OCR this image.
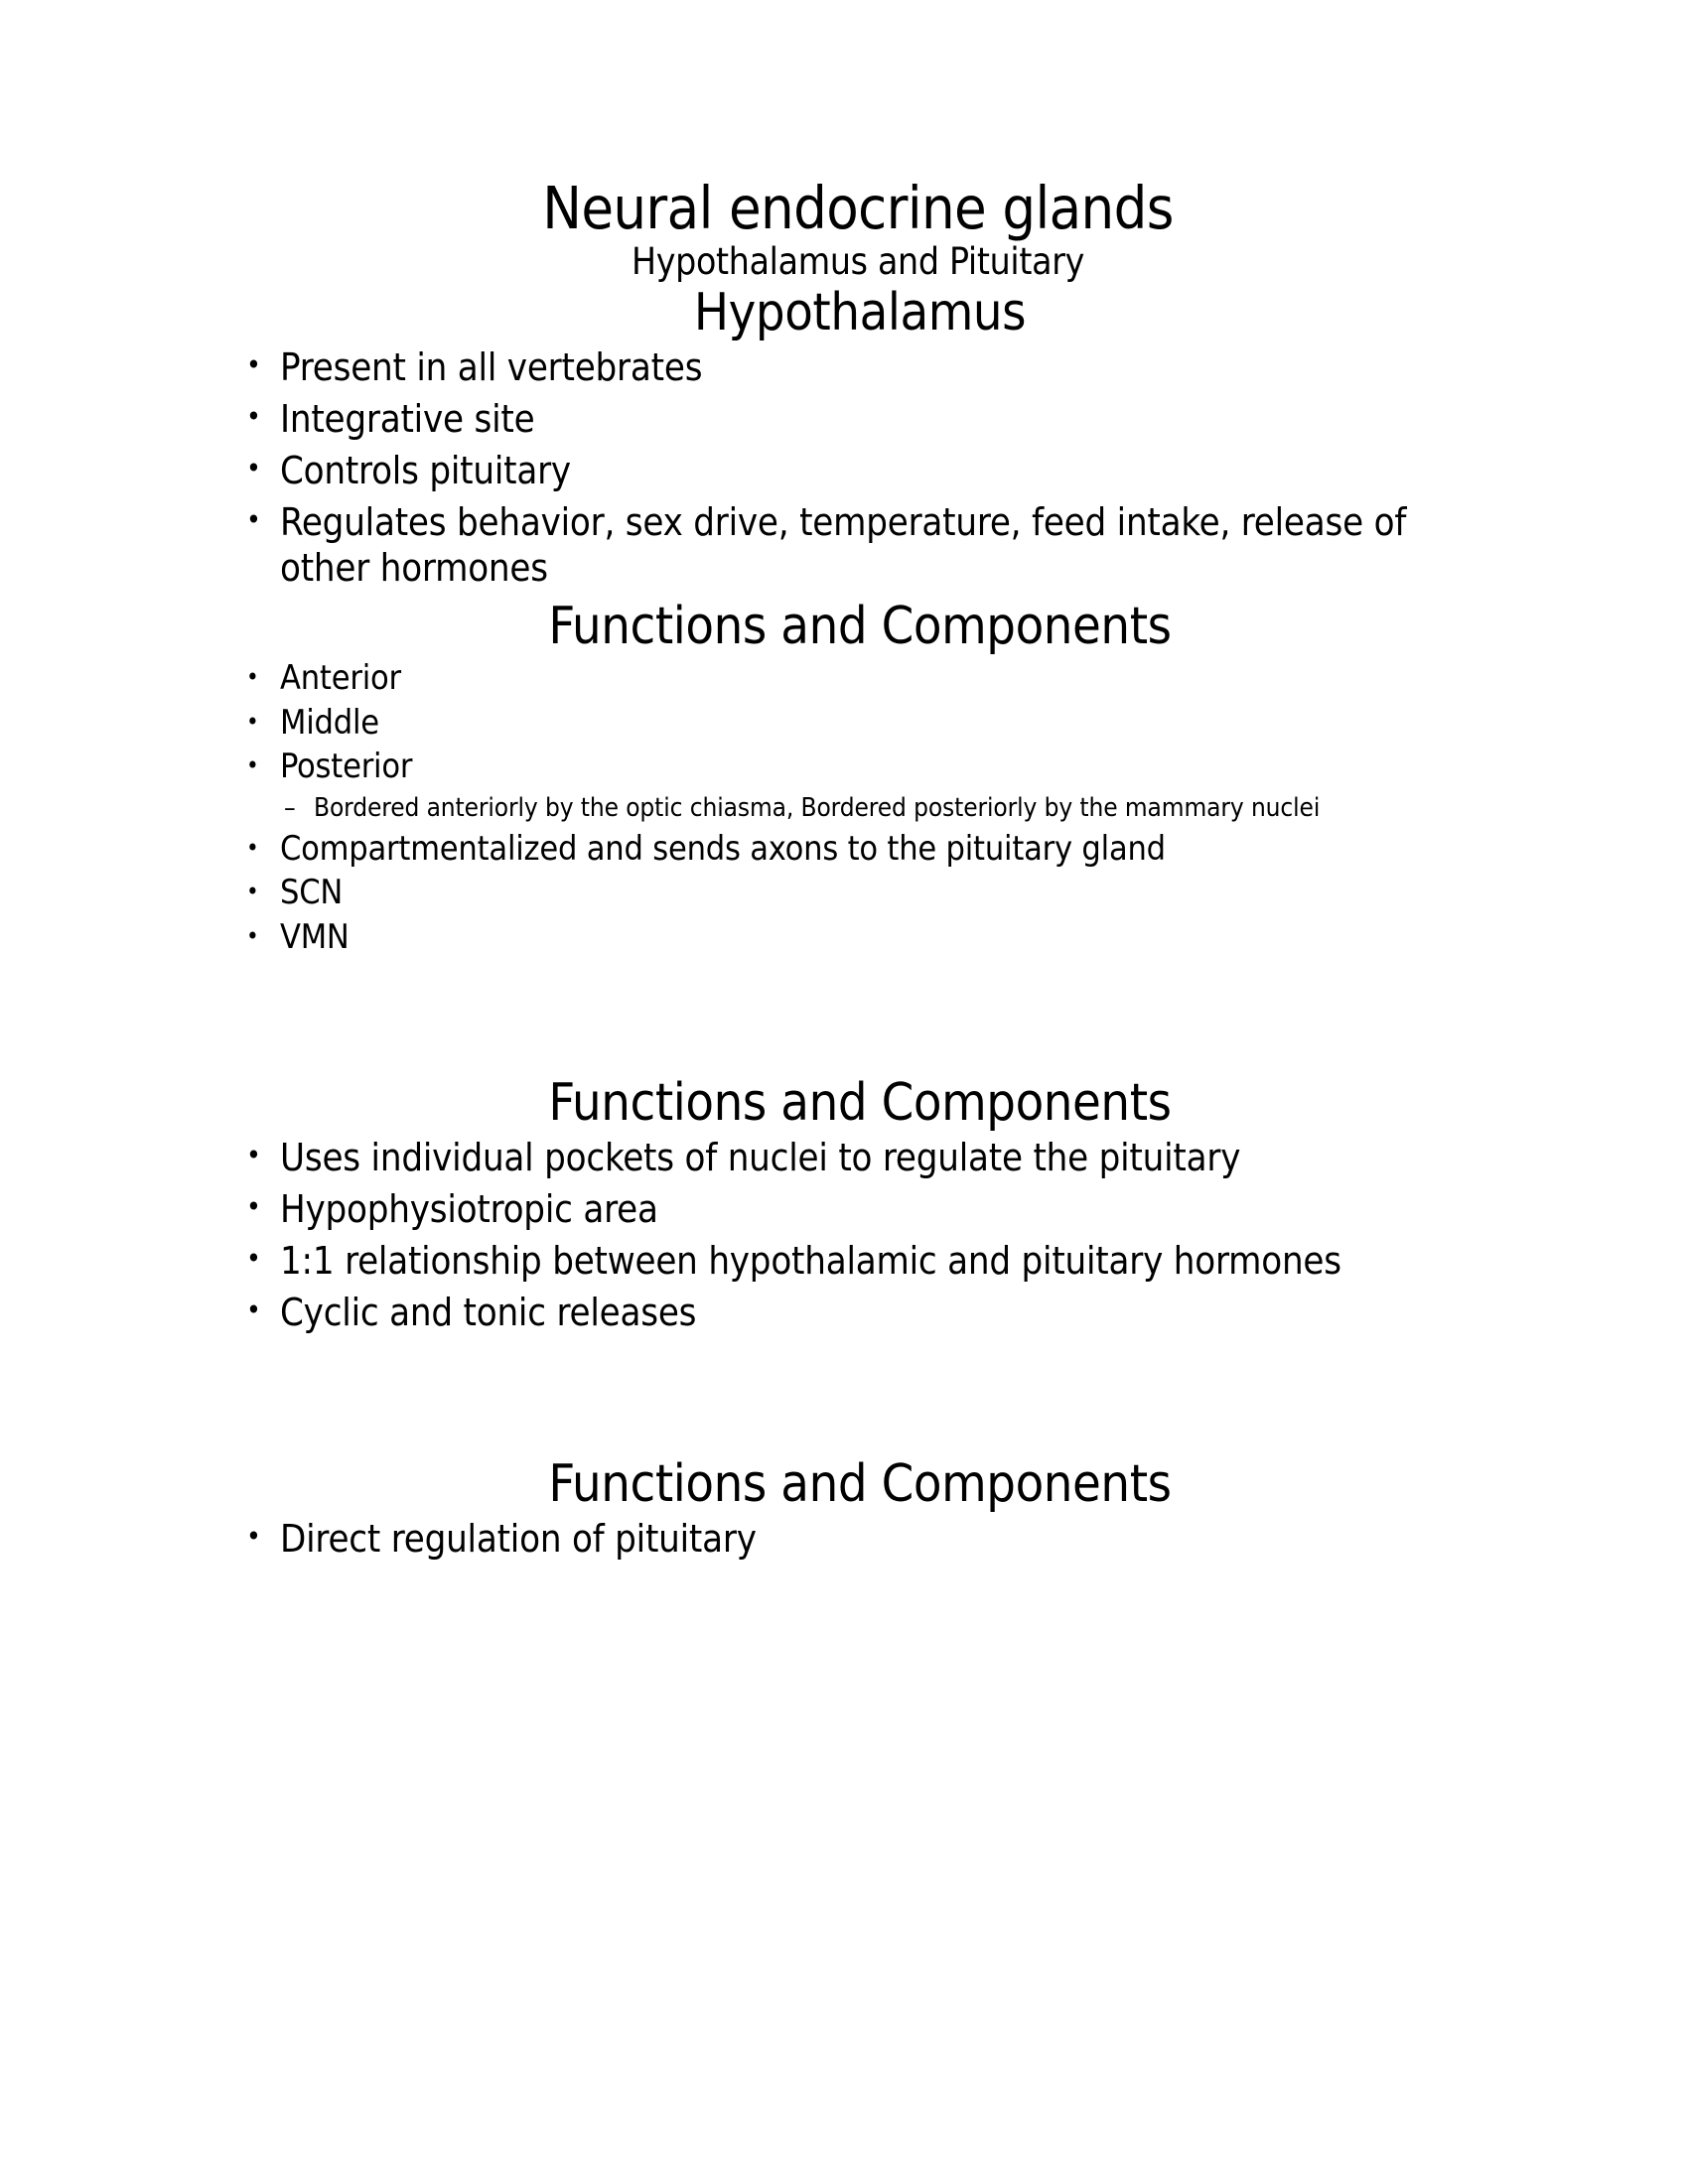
Neural endocrine glands
Hypothalamus and Pituitary
Hypothalamus
• Present in all vertebrates
• Integrative site
• Controls pituitary
• Regulates behavior, sex drive, temperature, feed intake, release of other hormones
Functions and Components
• Anterior
• Middle
• Posterior
– Bordered anteriorly by the optic chiasma, Bordered posteriorly by the mammary nuclei
• Compartmentalized and sends axons to the pituitary gland
• SCN
• VMN
Functions and Components
• Uses individual pockets of nuclei to regulate the pituitary
• Hypophysiotropic area
• 1:1 relationship between hypothalamic and pituitary hormones
• Cyclic and tonic releases
Functions and Components
• Direct regulation of pituitary
